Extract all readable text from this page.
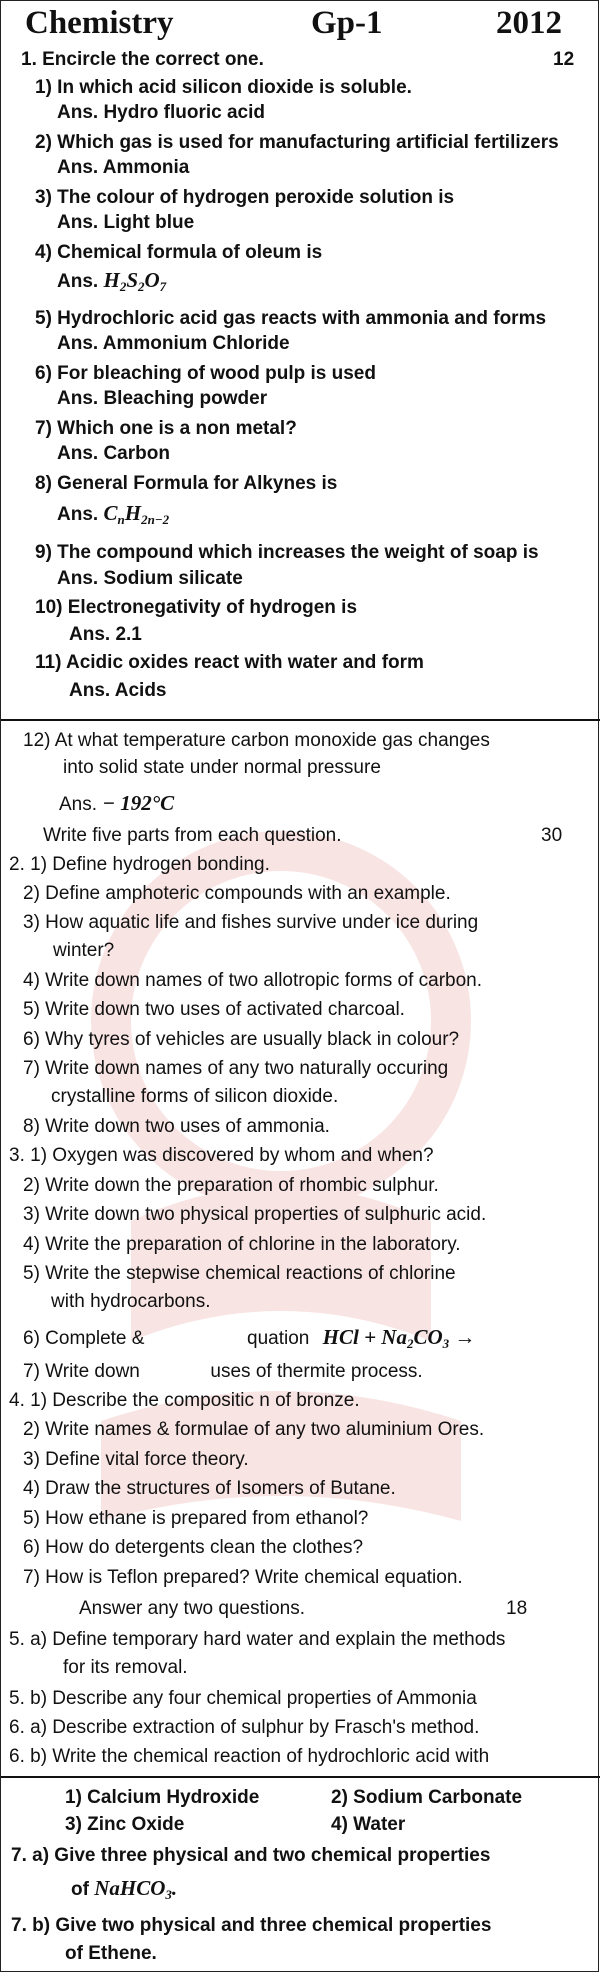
Chemistry	Gp-1	2012
1. Encircle the correct one.	12
1) In which acid silicon dioxide is soluble.
Ans. Hydro fluoric acid
2) Which gas is used for manufacturing artificial fertilizers
Ans. Ammonia
3) The colour of hydrogen peroxide solution is
Ans. Light blue
4) Chemical formula of oleum is
Ans. $H_2S_2O_7$
5) Hydrochloric acid gas reacts with ammonia and forms
Ans. Ammonium Chloride
6) For bleaching of wood pulp is used
Ans. Bleaching powder
7) Which one is a non metal?
Ans. Carbon
8) General Formula for Alkynes is
Ans. $C_nH_{2n-2}$
9) The compound which increases the weight of soap is
Ans. Sodium silicate
10) Electronegativity of hydrogen is
Ans. 2.1
11) Acidic oxides react with water and form
Ans. Acids
12) At what temperature carbon monoxide gas changes
into solid state under normal pressure
Ans. − 192°C
Write five parts from each question.	30
2. 1) Define hydrogen bonding.
2) Define amphoteric compounds with an example.
3) How aquatic life and fishes survive under ice during
winter?
4) Write down names of two allotropic forms of carbon.
5) Write down two uses of activated charcoal.
6) Why tyres of vehicles are usually black in colour?
7) Write down names of any two naturally occuring
crystalline forms of silicon dioxide.
8) Write down two uses of ammonia.
3. 1) Oxygen was discovered by whom and when?
2) Write down the preparation of rhombic sulphur.
3) Write down two physical properties of sulphuric acid.
4) Write the preparation of chlorine in the laboratory.
5) Write the stepwise chemical reactions of chlorine
with hydrocarbons.
6) Complete &	quation HCl + $Na_2CO_3$ →
7) Write down	uses of thermite process.
4. 1) Describe the compositic n of bronze.
2) Write names & formulae of any two aluminium Ores.
3) Define vital force theory.
4) Draw the structures of Isomers of Butane.
5) How ethane is prepared from ethanol?
6) How do detergents clean the clothes?
7) How is Teflon prepared? Write chemical equation.
Answer any two questions.	18
5. a) Define temporary hard water and explain the methods
for its removal.
5. b) Describe any four chemical properties of Ammonia
6. a) Describe extraction of sulphur by Frasch's method.
6. b) Write the chemical reaction of hydrochloric acid with
1) Calcium Hydroxide	2) Sodium Carbonate
3) Zinc Oxide	4) Water
7. a) Give three physical and two chemical properties
of NaHCO$_3$.
7. b) Give two physical and three chemical properties
of Ethene.
